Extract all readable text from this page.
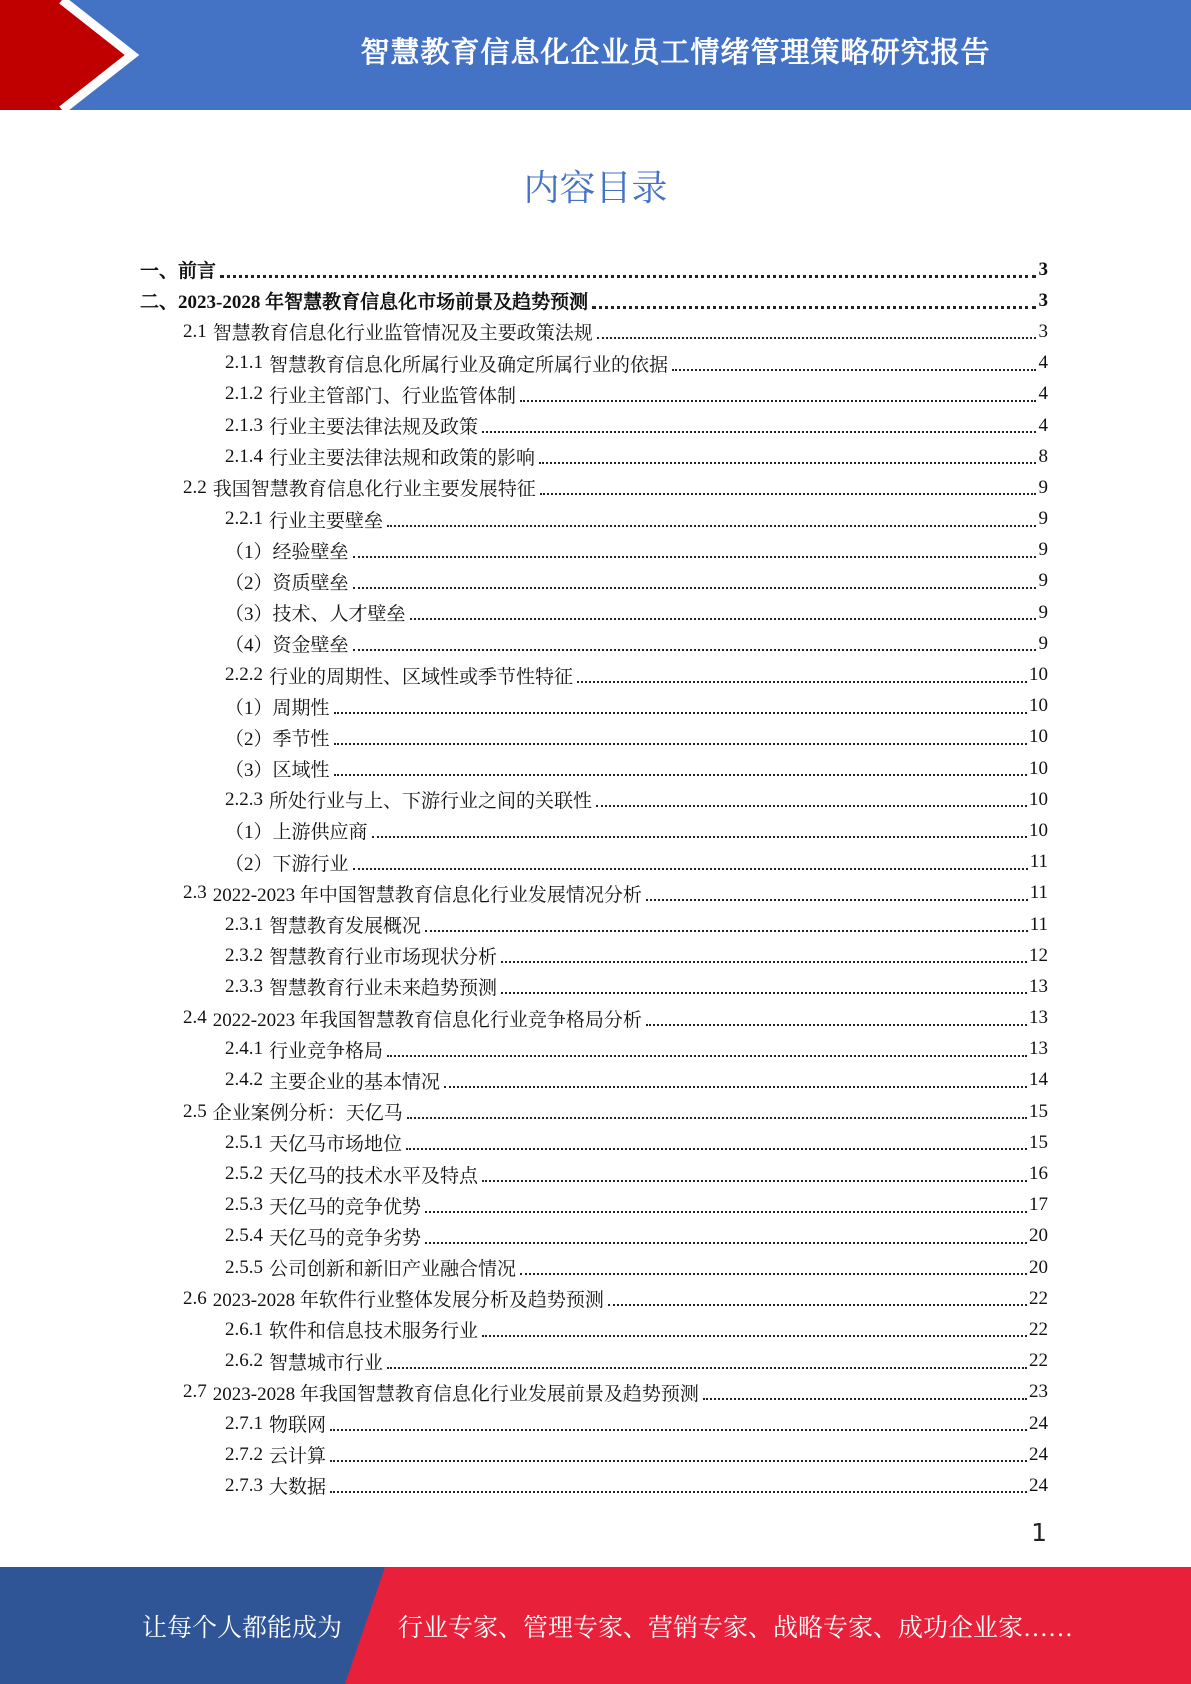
智慧教育信息化企业员工情绪管理策略研究报告
内容目录
一、 前言	3
二、 2023-2028 年智慧教育信息化市场前景及趋势预测	3
2.1 智慧教育信息化行业监管情况及主要政策法规	3
2.1.1 智慧教育信息化所属行业及确定所属行业的依据	4
2.1.2 行业主管部门、行业监管体制	4
2.1.3 行业主要法律法规及政策	4
2.1.4 行业主要法律法规和政策的影响	8
2.2 我国智慧教育信息化行业主要发展特征	9
2.2.1 行业主要壁垒	9
（1） 经验壁垒	9
（2） 资质壁垒	9
（3） 技术、人才壁垒	9
（4） 资金壁垒	9
2.2.2 行业的周期性、区域性或季节性特征	10
（1） 周期性	10
（2） 季节性	10
（3） 区域性	10
2.2.3 所处行业与上、下游行业之间的关联性	10
（1） 上游供应商	10
（2） 下游行业	11
2.3 2022-2023 年中国智慧教育信息化行业发展情况分析	11
2.3.1 智慧教育发展概况	11
2.3.2 智慧教育行业市场现状分析	12
2.3.3 智慧教育行业未来趋势预测	13
2.4 2022-2023 年我国智慧教育信息化行业竞争格局分析	13
2.4.1 行业竞争格局	13
2.4.2 主要企业的基本情况	14
2.5 企业案例分析：天亿马	15
2.5.1 天亿马市场地位	15
2.5.2 天亿马的技术水平及特点	16
2.5.3 天亿马的竞争优势	17
2.5.4 天亿马的竞争劣势	20
2.5.5 公司创新和新旧产业融合情况	20
2.6 2023-2028 年软件行业整体发展分析及趋势预测	22
2.6.1 软件和信息技术服务行业	22
2.6.2 智慧城市行业	22
2.7 2023-2028 年我国智慧教育信息化行业发展前景及趋势预测	23
2.7.1 物联网	24
2.7.2 云计算	24
2.7.3 大数据	24
1
让每个人都能成为 行业专家、管理专家、营销专家、战略专家、成功企业家……
